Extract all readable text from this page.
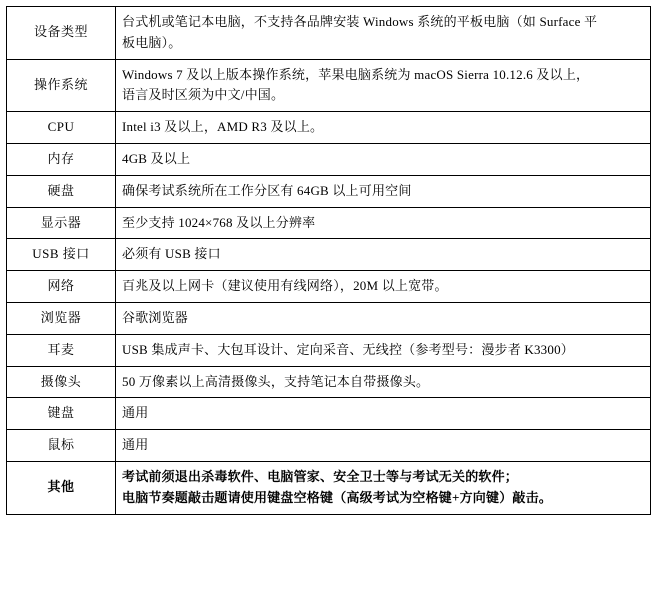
设备类型	台式机或笔记本电脑，不支持各品牌安装 Windows 系统的平板电脑（如 Surface 平
板电脑）。

操作系统	Windows 7 及以上版本操作系统，苹果电脑系统为 macOS Sierra 10.12.6 及以上，
语言及时区须为中文/中国。

CPU	Intel i3 及以上，AMD R3 及以上。

内存	4GB 及以上

硬盘	确保考试系统所在工作分区有 64GB 以上可用空间

显示器	至少支持 1024×768 及以上分辨率

USB 接口	必须有 USB 接口

网络	百兆及以上网卡（建议使用有线网络），20M 以上宽带。

浏览器	谷歌浏览器

耳麦	USB 集成声卡、大包耳设计、定向采音、无线控（参考型号：漫步者 K3300）

摄像头	50 万像素以上高清摄像头，支持笔记本自带摄像头。

键盘	通用

鼠标	通用

其他	考试前须退出杀毒软件、电脑管家、安全卫士等与考试无关的软件；
电脑节奏题敲击题请使用键盘空格键（高级考试为空格键+方向键）敲击。
